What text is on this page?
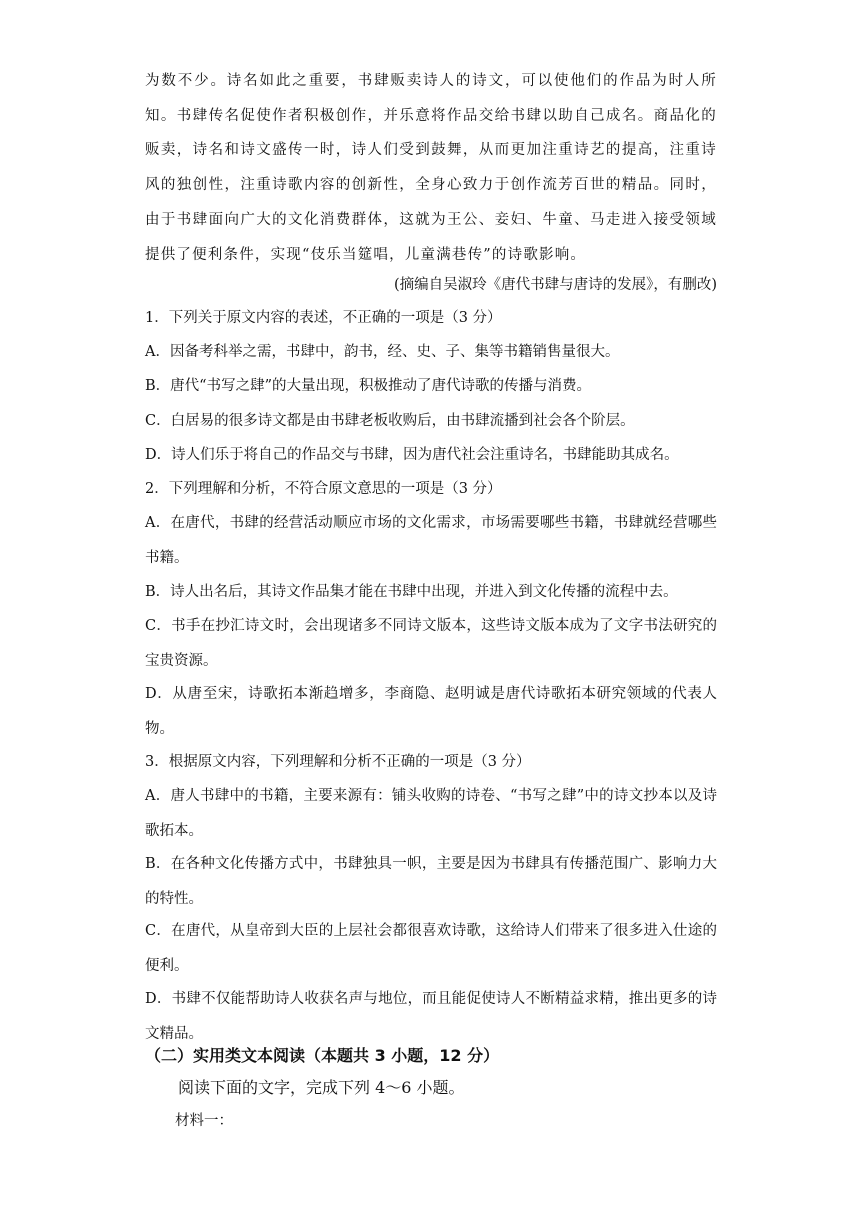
为数不少。诗名如此之重要，书肆贩卖诗人的诗文，可以使他们的作品为时人所知。书肆传名促使作者积极创作，并乐意将作品交给书肆以助自己成名。商品化的贩卖，诗名和诗文盛传一时，诗人们受到鼓舞，从而更加注重诗艺的提高，注重诗风的独创性，注重诗歌内容的创新性，全身心致力于创作流芳百世的精品。同时，由于书肆面向广大的文化消费群体，这就为王公、妾妇、牛童、马走进入接受领域提供了便利条件，实现“伎乐当筵唱，儿童满巷传”的诗歌影响。
(摘编自吴淑玲《唐代书肆与唐诗的发展》，有删改)
1．下列关于原文内容的表述，不正确的一项是（3 分）
A．因备考科举之需，书肆中，韵书，经、史、子、集等书籍销售量很大。
B．唐代“书写之肆”的大量出现，积极推动了唐代诗歌的传播与消费。
C．白居易的很多诗文都是由书肆老板收购后，由书肆流播到社会各个阶层。
D．诗人们乐于将自己的作品交与书肆，因为唐代社会注重诗名，书肆能助其成名。
2．下列理解和分析，不符合原文意思的一项是（3 分）
A．在唐代，书肆的经营活动顺应市场的文化需求，市场需要哪些书籍，书肆就经营哪些书籍。
B．诗人出名后，其诗文作品集才能在书肆中出现，并进入到文化传播的流程中去。
C．书手在抄汇诗文时，会出现诸多不同诗文版本，这些诗文版本成为了文字书法研究的宝贵资源。
D．从唐至宋，诗歌拓本渐趋增多，李商隐、赵明诚是唐代诗歌拓本研究领域的代表人物。
3．根据原文内容，下列理解和分析不正确的一项是（3 分）
A．唐人书肆中的书籍，主要来源有：铺头收购的诗卷、“书写之肆”中的诗文抄本以及诗歌拓本。
B．在各种文化传播方式中，书肆独具一帜，主要是因为书肆具有传播范围广、影响力大的特性。
C．在唐代，从皇帝到大臣的上层社会都很喜欢诗歌，这给诗人们带来了很多进入仕途的便利。
D．书肆不仅能帮助诗人收获名声与地位，而且能促使诗人不断精益求精，推出更多的诗文精品。
（二）实用类文本阅读（本题共 3 小题，12 分）
阅读下面的文字，完成下列 4～6 小题。
材料一：
